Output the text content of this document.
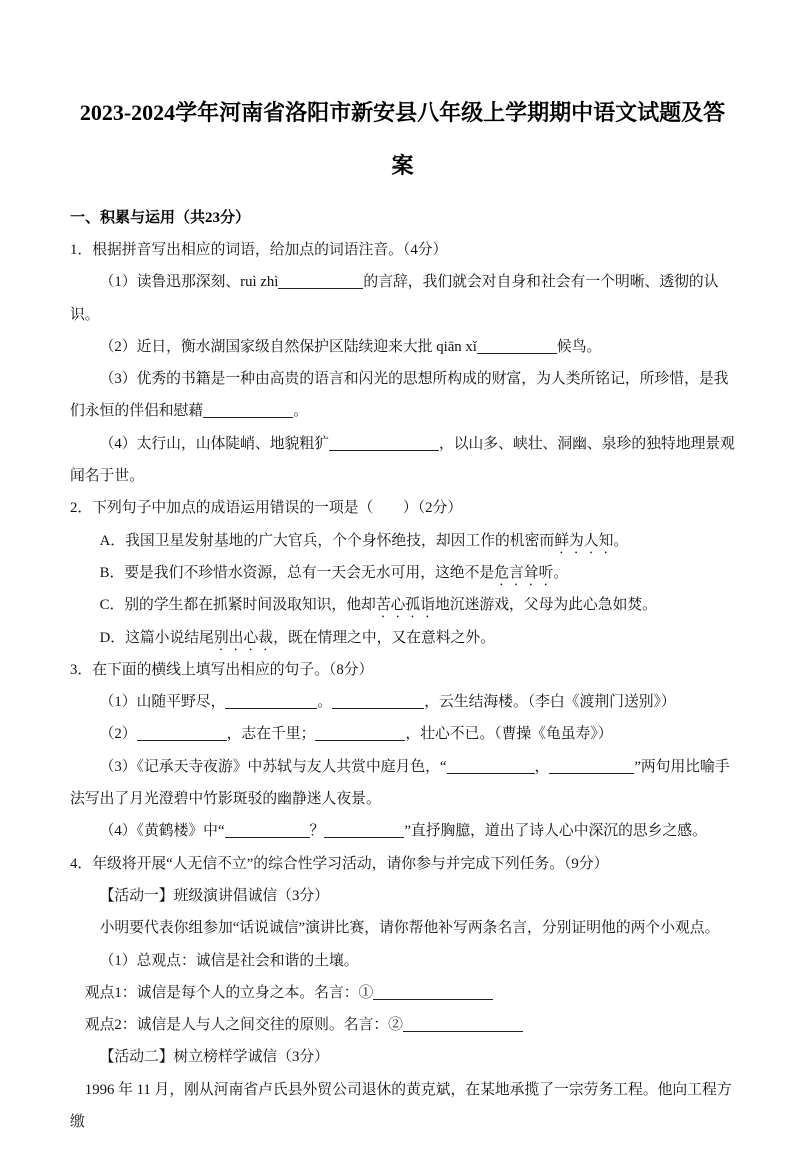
2023-2024学年河南省洛阳市新安县八年级上学期期中语文试题及答案
一、积累与运用（共23分）

1．根据拼音写出相应的词语，给加点的词语注音。（4分）

（1）读鲁迅那深刻、ruì zhì	的言辞，我们就会对自身和社会有一个明晰、透彻的认识。

（2）近日，衡水湖国家级自然保护区陆续迎来大批 qiān xǐ	候鸟。

（3）优秀的书籍是一种由高贵的语言和闪光的思想所构成的财富，为人类所铭记，所珍惜，是我们永恒的伴侣和慰藉	。

（4）太行山，山体陡峭、地貌粗犷	，以山多、峡壮、洞幽、泉珍的独特地理景观闻名于世。

2．下列句子中加点的成语运用错误的一项是（　　）（2分）

A．我国卫星发射基地的广大官兵，个个身怀绝技，却因工作的机密而鲜为人知。

B．要是我们不珍惜水资源，总有一天会无水可用，这绝不是危言耸听。

C．别的学生都在抓紧时间汲取知识，他却苦心孤诣地沉迷游戏，父母为此心急如焚。

D．这篇小说结尾别出心裁，既在情理之中，又在意料之外。

3．在下面的横线上填写出相应的句子。（8分）

（1）山随平野尽，	。	，云生结海楼。（李白《渡荆门送别》）

（2）	，志在千里；	，壮心不已。（曹操《龟虽寿》）

（3）《记承天寺夜游》中苏轼与友人共赏中庭月色，“	，	”两句用比喻手法写出了月光澄碧中竹影斑驳的幽静迷人夜景。

（4）《黄鹤楼》中“	？	”直抒胸臆，道出了诗人心中深沉的思乡之感。

4．年级将开展“人无信不立”的综合性学习活动，请你参与并完成下列任务。（9分）

【活动一】班级演讲倡诚信（3分）

小明要代表你组参加“话说诚信”演讲比赛，请你帮他补写两条名言，分别证明他的两个小观点。

（1）总观点：诚信是社会和谐的土壤。

观点1：诚信是每个人的立身之本。名言：①

观点2：诚信是人与人之间交往的原则。名言：②

【活动二】树立榜样学诚信（3分）

1996 年 11 月，刚从河南省卢氏县外贸公司退休的黄克斌，在某地承揽了一宗劳务工程。他向工程方缴
